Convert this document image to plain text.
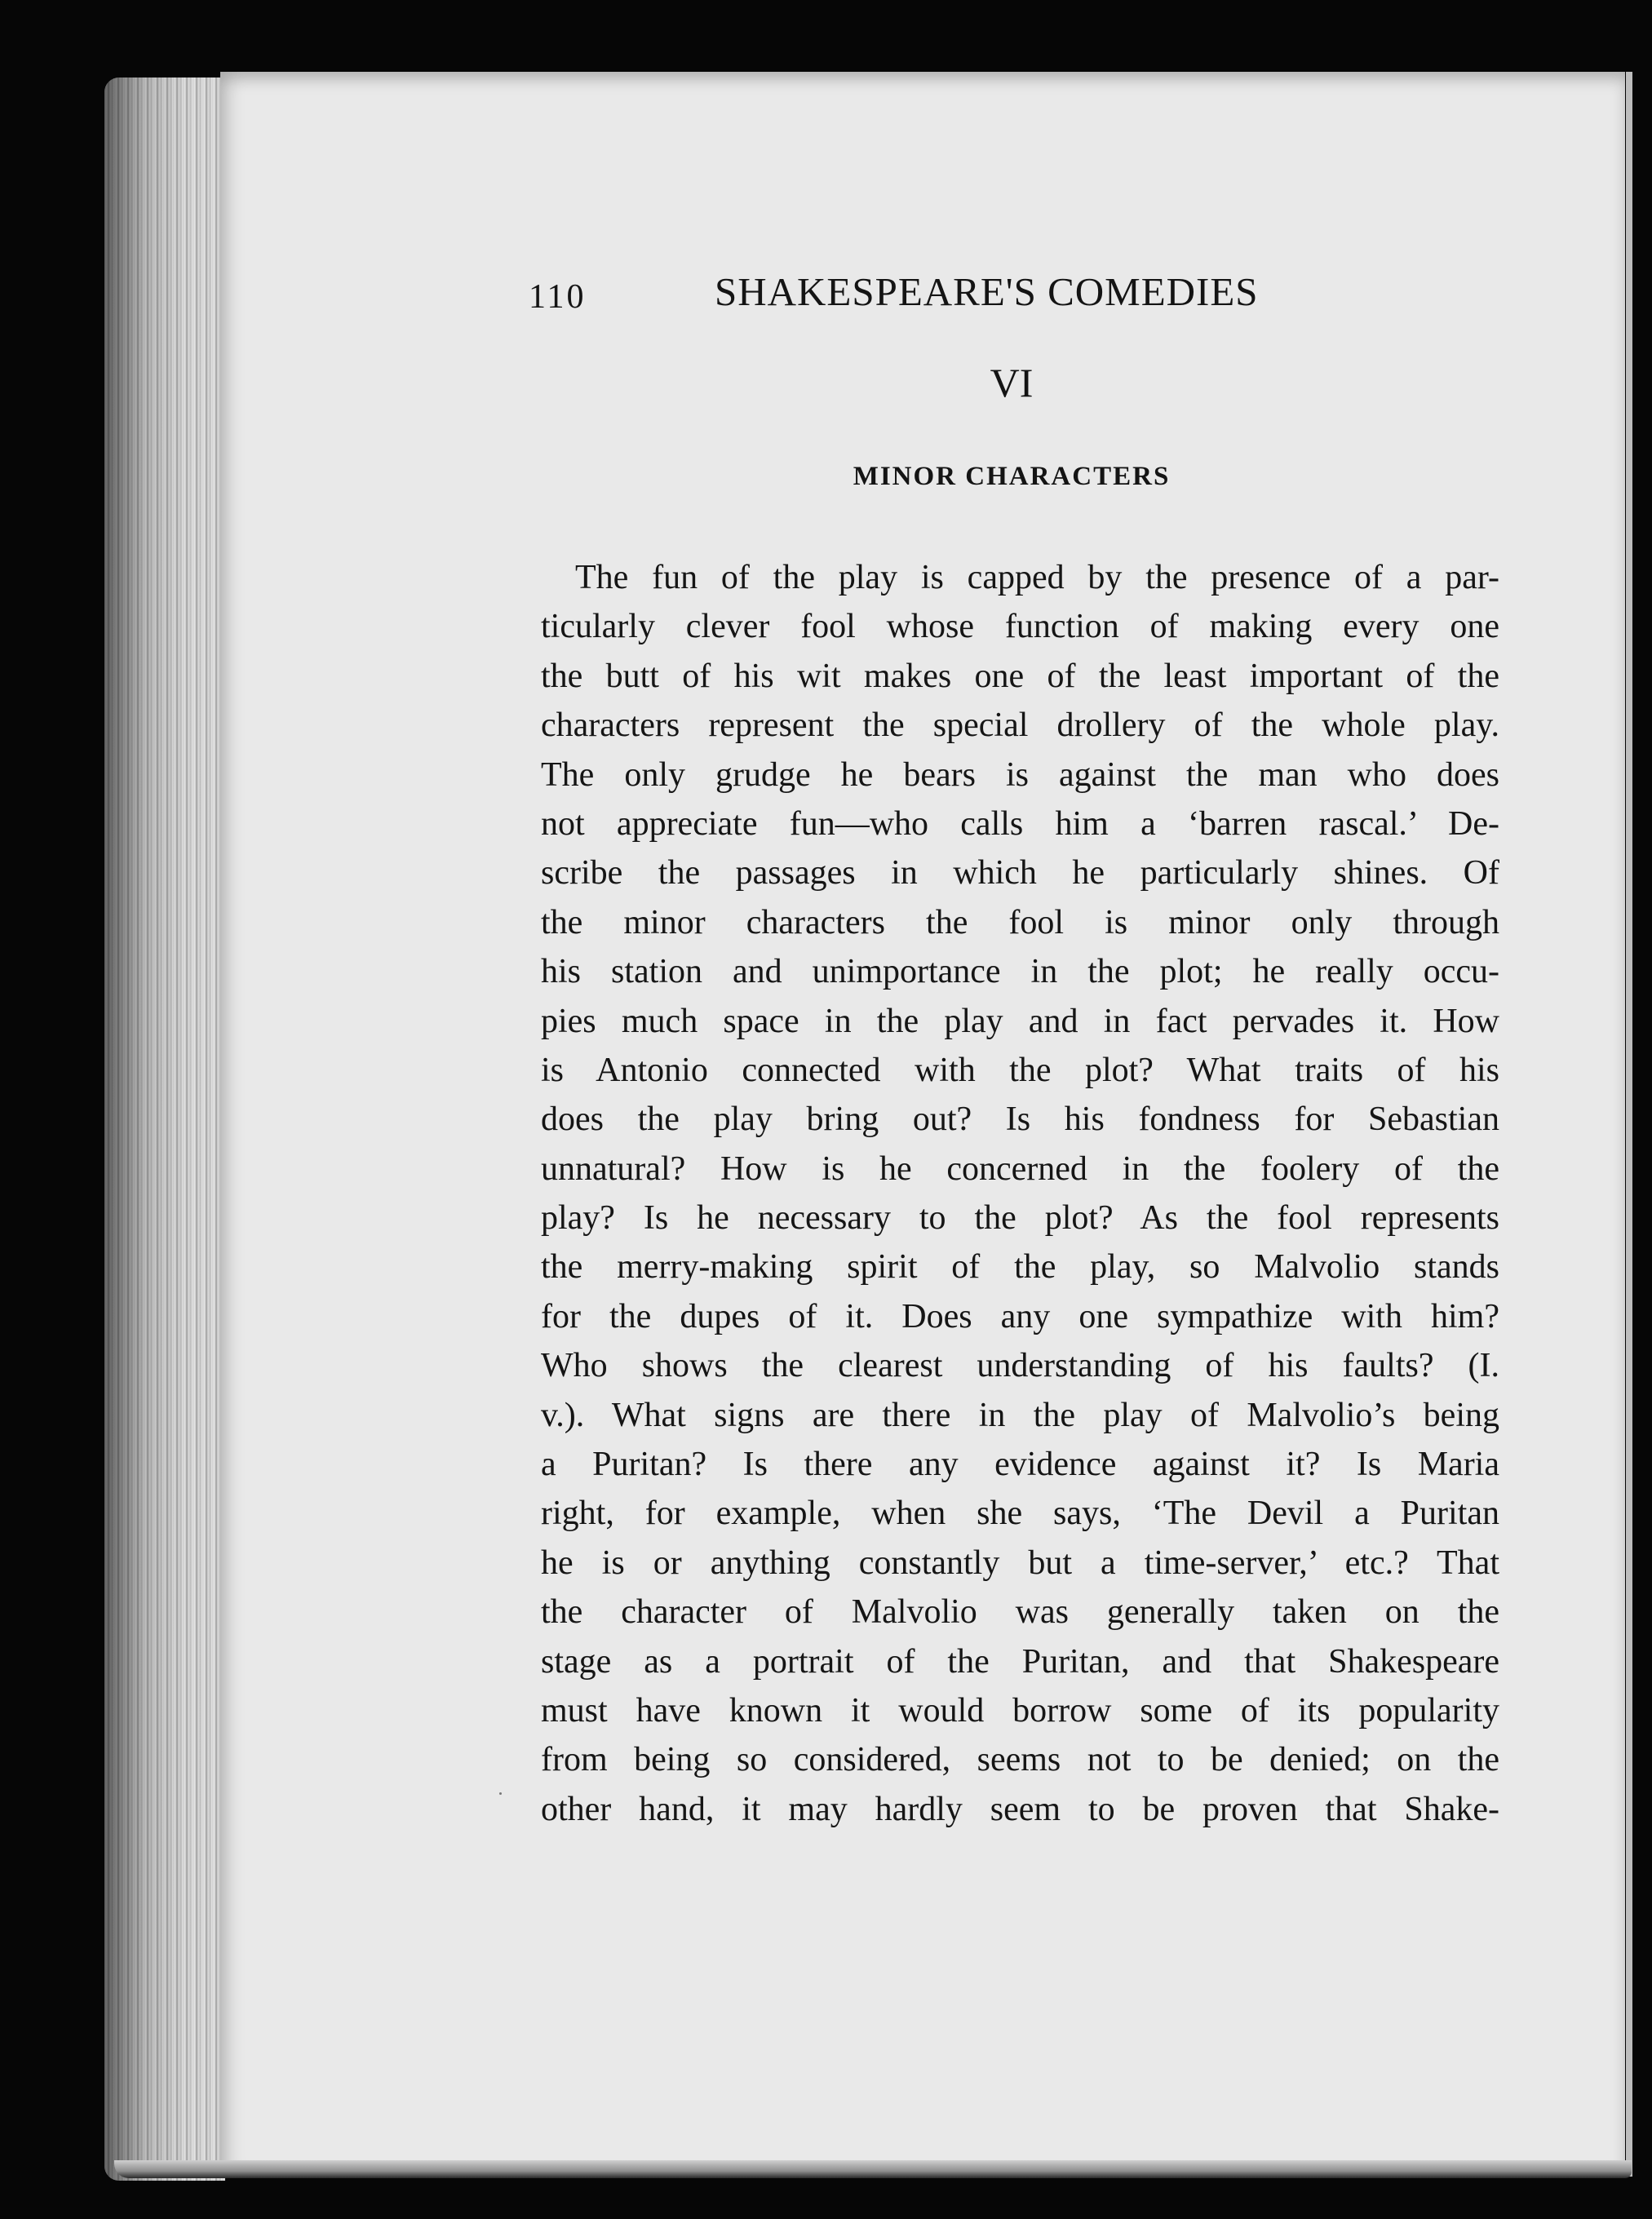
110	SHAKESPEARE'S COMEDIES
VI
MINOR CHARACTERS
The fun of the play is capped by the presence of a par-
ticularly clever fool whose function of making every one
the butt of his wit makes one of the least important of the
characters represent the special drollery of the whole play.
The only grudge he bears is against the man who does
not appreciate fun—who calls him a ‘barren rascal.’ De-
scribe the passages in which he particularly shines. Of
the minor characters the fool is minor only through
his station and unimportance in the plot; he really occu-
pies much space in the play and in fact pervades it. How
is Antonio connected with the plot? What traits of his
does the play bring out? Is his fondness for Sebastian
unnatural? How is he concerned in the foolery of the
play? Is he necessary to the plot? As the fool represents
the merry-making spirit of the play, so Malvolio stands
for the dupes of it. Does any one sympathize with him?
Who shows the clearest understanding of his faults? (I.
v.). What signs are there in the play of Malvolio’s being
a Puritan? Is there any evidence against it? Is Maria
right, for example, when she says, ‘The Devil a Puritan
he is or anything constantly but a time-server,’ etc.? That
the character of Malvolio was generally taken on the
stage as a portrait of the Puritan, and that Shakespeare
must have known it would borrow some of its popularity
from being so considered, seems not to be denied; on the
other hand, it may hardly seem to be proven that Shake-
